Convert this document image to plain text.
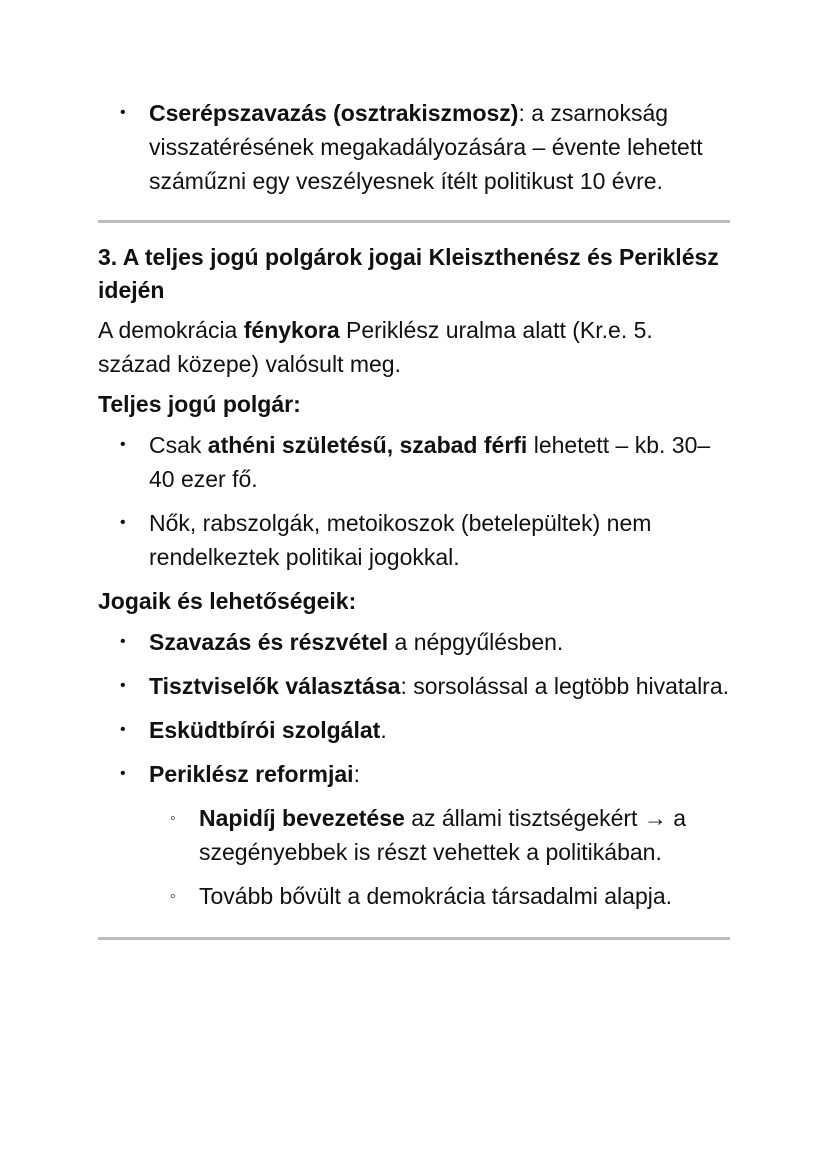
• Cserépszavazás (osztrakiszmosz): a zsarnokság visszatérésének megakadályozására – évente lehetett száműzni egy veszélyesnek ítélt politikust 10 évre.
3. A teljes jogú polgárok jogai Kleiszthenész és Periklész idején

A demokrácia fénykora Periklész uralma alatt (Kr.e. 5. század közepe) valósult meg.

Teljes jogú polgár:
• Csak athéni születésű, szabad férfi lehetett – kb. 30–40 ezer fő.
• Nők, rabszolgák, metoikoszok (betelepültek) nem rendelkeztek politikai jogokkal.
Jogaik és lehetőségeik:
• Szavazás és részvétel a népgyűlésben.
• Tisztviselők választása: sorsolással a legtöbb hivatalra.
• Esküdtbírói szolgálat.
• Periklész reformjai:
◦ Napidíj bevezetése az állami tisztségekért → a szegényebbek is részt vehettek a politikában.
◦ Tovább bővült a demokrácia társadalmi alapja.
